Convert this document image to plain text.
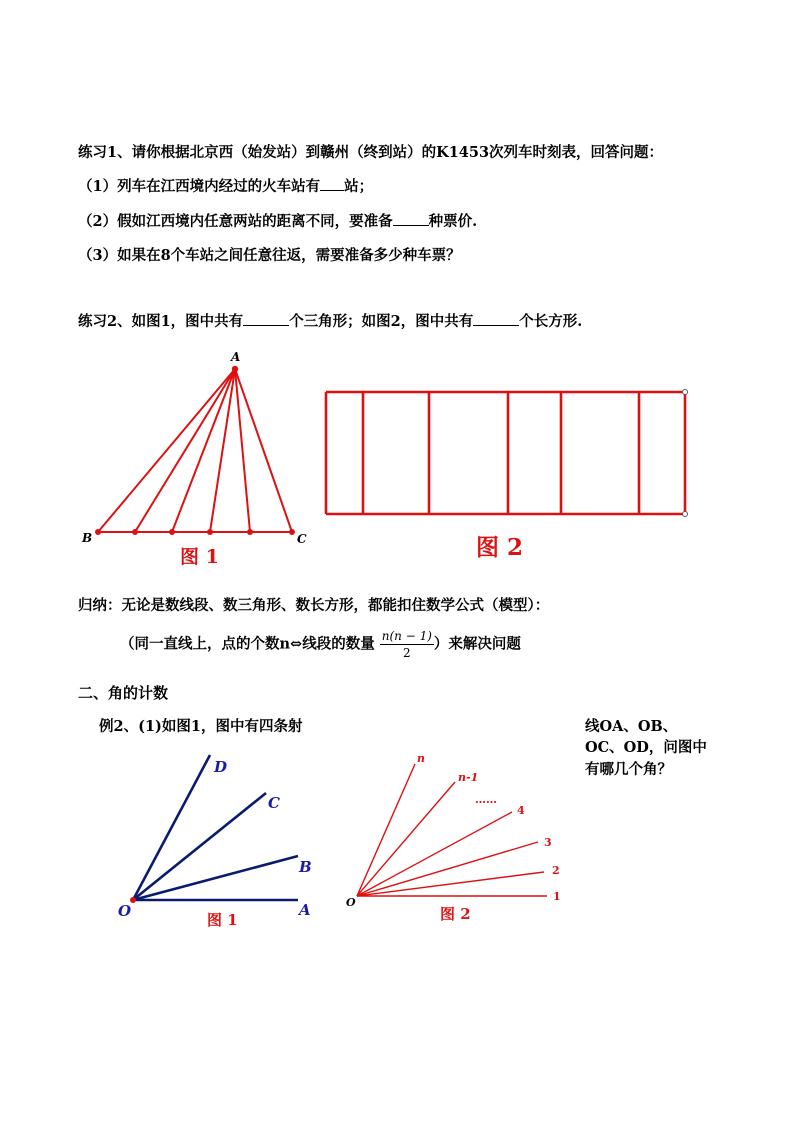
练习1、请你根据北京西（始发站）到赣州（终到站）的K1453次列车时刻表，回答问题：
（1）列车在江西境内经过的火车站有 站；
（2）假如江西境内任意两站的距离不同，要准备 种票价.
（3）如果在8个车站之间任意往返，需要准备多少种车票？
练习2、如图1，图中共有	个三角形；如图2，图中共有	个长方形.
A
B	C
图 1	图 2
归纳：无论是数线段、数三角形、数长方形，都能扣住数学公式（模型）：
（同一直线上，点的个数n⇔线段的数量 $\frac{n(n - 1)}{2}$ ）来解决问题
二、角的计数
例2、(1)如图1，图中有四条射	线OA、OB、
OC、OD，问图中
有哪几个角？
O	A
B
C
D
图 1
O
n
n-1
……
4
3
2
1
图 2
